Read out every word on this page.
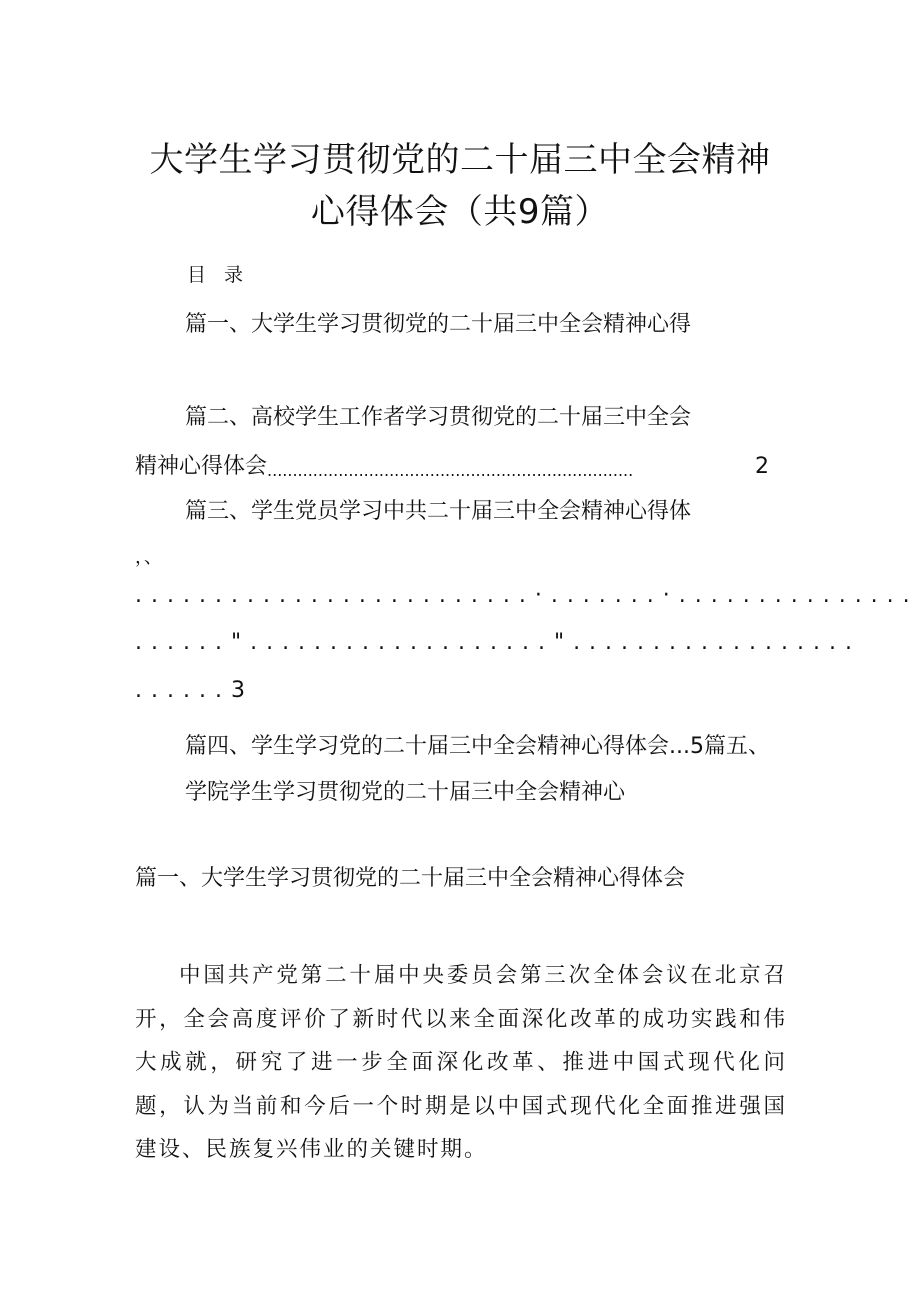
大学生学习贯彻党的二十届三中全会精神
心得体会（共9篇）
目 录
篇一、大学生学习贯彻党的二十届三中全会精神心得
篇二、高校学生工作者学习贯彻党的二十届三中全会
精神心得体会........................................................................	2
篇三、学生党员学习中共二十届三中全会精神心得体
，、
.........................·.......·...............
......"..................."..................
......3
篇四、学生学习党的二十届三中全会精神心得体会...5篇五、
学院学生学习贯彻党的二十届三中全会精神心
篇一、大学生学习贯彻党的二十届三中全会精神心得体会
中国共产党第二十届中央委员会第三次全体会议在北京召开，全会高度评价了新时代以来全面深化改革的成功实践和伟大成就，研究了进一步全面深化改革、推进中国式现代化问题，认为当前和今后一个时期是以中国式现代化全面推进强国建设、民族复兴伟业的关键时期。
